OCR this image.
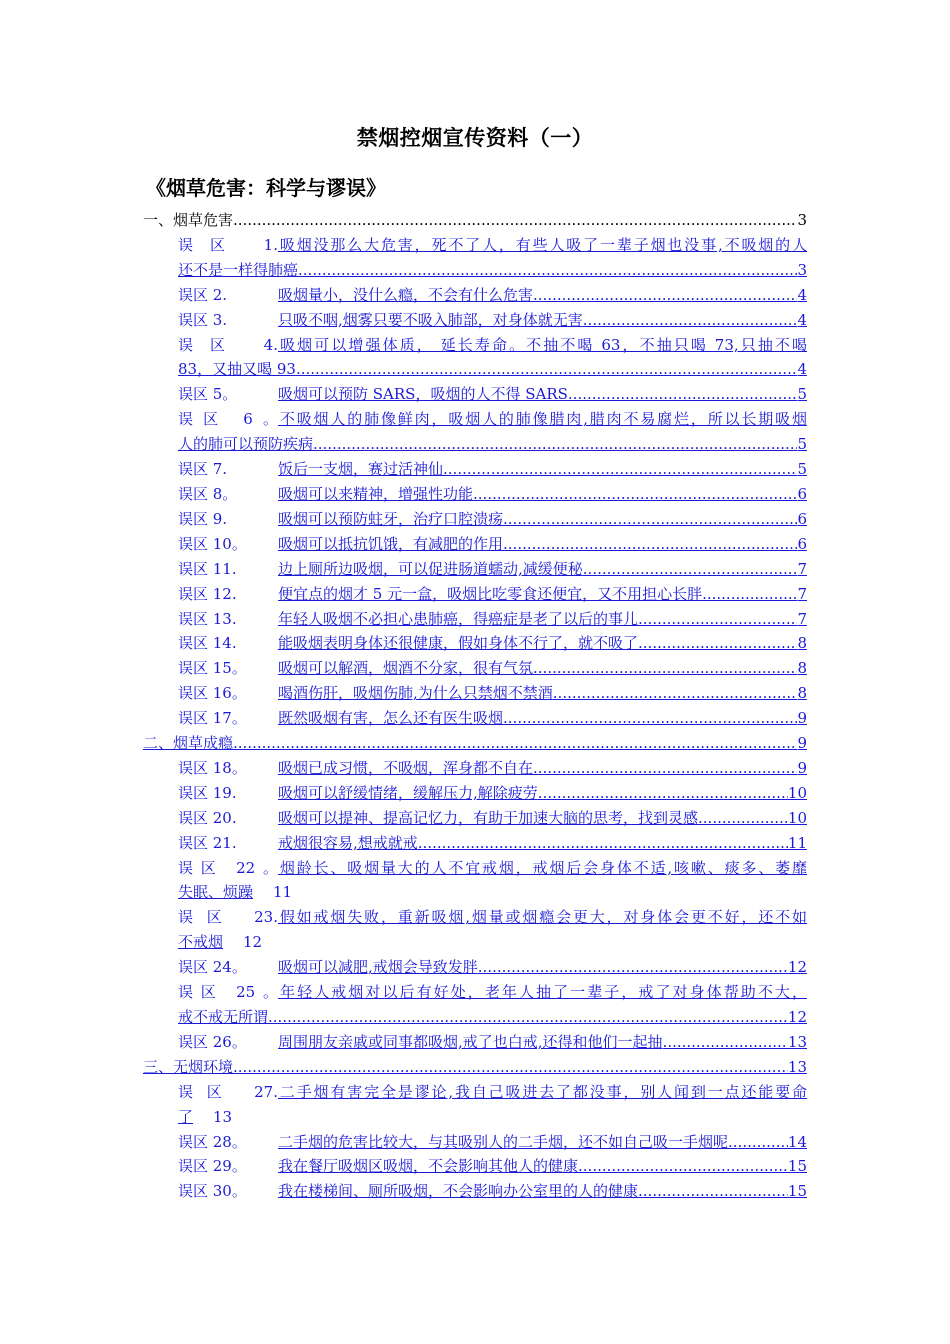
禁烟控烟宣传资料（一）
《烟草危害：科学与谬误》
一、烟草危害 .....	3
误区 1.吸烟没那么大危害，死不了人，有些人吸了一辈子烟也没事,不吸烟的人
还不是一样得肺癌 .....	3
误区 2.	吸烟量小，没什么瘾，不会有什么危害 .....	4
误区 3.	只吸不咽,烟雾只要不吸入肺部，对身体就无害 .....	4
误区 4.吸烟可以增强体质， 延长寿命。不抽不喝 63，不抽只喝 73,只抽不喝
83，又抽又喝 93 .....	4
误区 5。	吸烟可以预防 SARS，吸烟的人不得 SARS .....	5
误区 6。不吸烟人的肺像鲜肉，吸烟人的肺像腊肉,腊肉不易腐烂，所以长期吸烟
人的肺可以预防疾病 .....	5
误区 7.	饭后一支烟，赛过活神仙 .....	5
误区 8。	吸烟可以来精神，增强性功能 .....	6
误区 9.	吸烟可以预防蛀牙，治疗口腔溃疡 .....	6
误区 10。 吸烟可以抵抗饥饿，有减肥的作用 .....	6
误区 11.	边上厕所边吸烟，可以促进肠道蠕动,减缓便秘 .....	7
误区 12.	便宜点的烟才 5 元一盒，吸烟比吃零食还便宜，又不用担心长胖 .....	7
误区 13.	年轻人吸烟不必担心患肺癌，得癌症是老了以后的事儿 .....	7
误区 14.	能吸烟表明身体还很健康，假如身体不行了，就不吸了 .....	8
误区 15。 吸烟可以解酒，烟酒不分家，很有气氛 .....	8
误区 16。 喝酒伤肝，吸烟伤肺,为什么只禁烟不禁酒 .....	8
误区 17。 既然吸烟有害，怎么还有医生吸烟 .....	9
二、烟草成瘾 .....	9
误区 18。 吸烟已成习惯，不吸烟，浑身都不自在 .....	9
误区 19.	吸烟可以舒缓情绪，缓解压力,解除疲劳 .....	10
误区 20.	吸烟可以提神、提高记忆力，有助于加速大脑的思考，找到灵感 .....	10
误区 21.	戒烟很容易,想戒就戒 .....	11
误区 22。烟龄长、吸烟量大的人不宜戒烟，戒烟后会身体不适,咳嗽、痰多、萎靡
失眠、烦躁 11
误区 23.假如戒烟失败，重新吸烟,烟量或烟瘾会更大，对身体会更不好，还不如
不戒烟 12
误区 24。 吸烟可以减肥,戒烟会导致发胖 .....	12
误区 25。年轻人戒烟对以后有好处，老年人抽了一辈子，戒了对身体帮助不大，
戒不戒无所谓 .....	12
误区 26。 周围朋友亲戚或同事都吸烟,戒了也白戒,还得和他们一起抽 .....	13
三、无烟环境 .....	13
误区 27.二手烟有害完全是谬论,我自己吸进去了都没事，别人闻到一点还能要命
了 13
误区 28。 二手烟的危害比较大，与其吸别人的二手烟，还不如自己吸一手烟呢.. .....	14
误区 29。 我在餐厅吸烟区吸烟，不会影响其他人的健康 .....	15
误区 30。 我在楼梯间、厕所吸烟，不会影响办公室里的人的健康 .....	15
